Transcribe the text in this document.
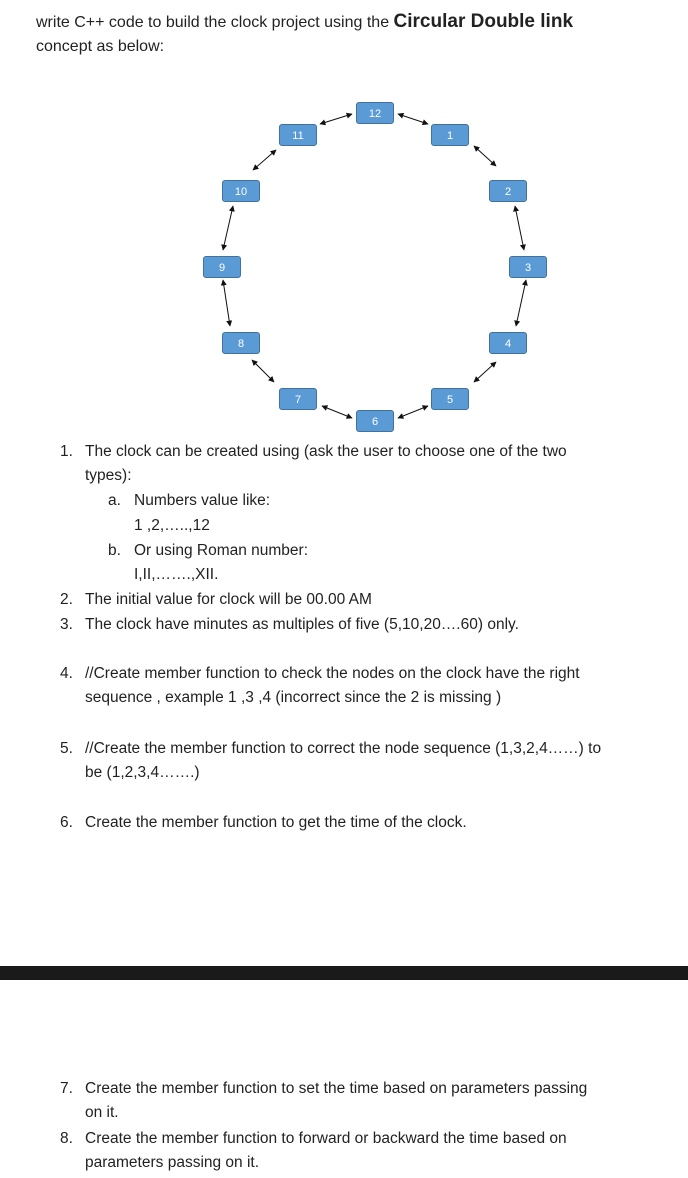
write C++ code to build the clock project using the Circular Double link
concept as below:
12
1
2
3
4
5
6
7
8
9
10
11
1. The clock can be created using (ask the user to choose one of the two
types):
a. Numbers value like:
1 ,2,…..,12
b. Or using Roman number:
I,II,…….,XII.
2. The initial value for clock will be 00.00 AM
3. The clock have minutes as multiples of five (5,10,20….60) only.
4. //Create member function to check the nodes on the clock have the right
sequence , example 1 ,3 ,4 (incorrect since the 2 is missing )
5. //Create the member function to correct the node sequence (1,3,2,4……) to
be (1,2,3,4…….)
6. Create the member function to get the time of the clock.
7. Create the member function to set the time based on parameters passing
on it.
8. Create the member function to forward or backward the time based on
parameters passing on it.
